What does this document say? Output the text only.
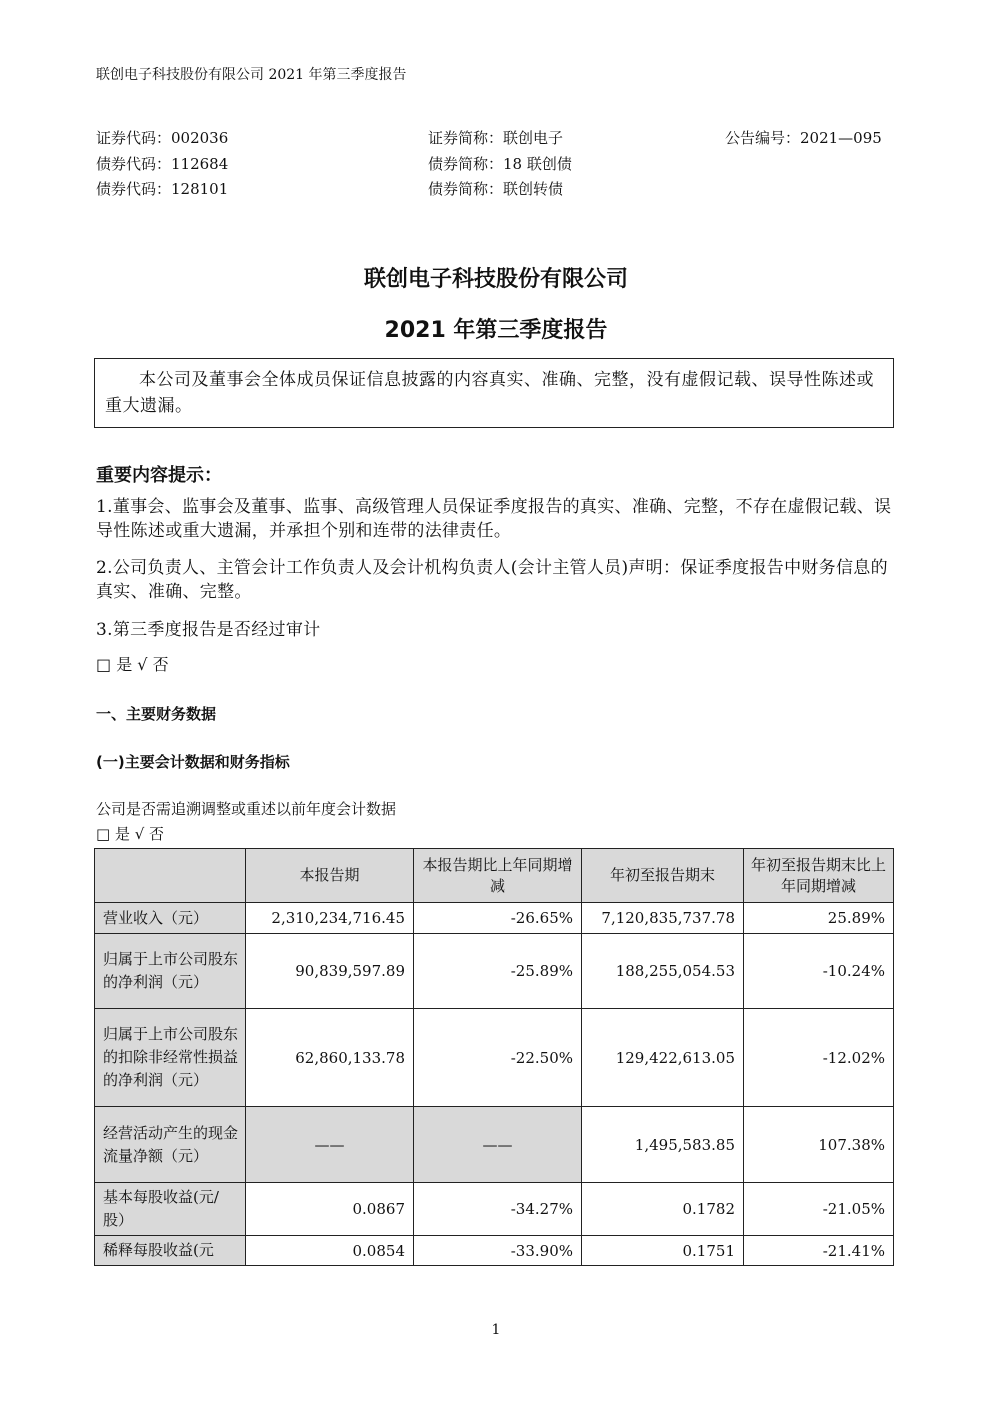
联创电子科技股份有限公司 2021 年第三季度报告
证券代码：002036	证券简称：联创电子	公告编号：2021—095
债券代码：112684	债券简称：18 联创债
债券代码：128101	债券简称：联创转债
联创电子科技股份有限公司
2021 年第三季度报告
本公司及董事会全体成员保证信息披露的内容真实、准确、完整，没有虚假记载、误导性陈述或重大遗漏。
重要内容提示：
1.董事会、监事会及董事、监事、高级管理人员保证季度报告的真实、准确、完整，不存在虚假记载、误导性陈述或重大遗漏，并承担个别和连带的法律责任。
2.公司负责人、主管会计工作负责人及会计机构负责人(会计主管人员)声明：保证季度报告中财务信息的真实、准确、完整。
3.第三季度报告是否经过审计
□ 是 √ 否
一、主要财务数据
(一)主要会计数据和财务指标
公司是否需追溯调整或重述以前年度会计数据
□ 是 √ 否
	本报告期	本报告期比上年同期增减	年初至报告期末	年初至报告期末比上年同期增减
营业收入（元）	2,310,234,716.45	-26.65%	7,120,835,737.78	25.89%
归属于上市公司股东的净利润（元）	90,839,597.89	-25.89%	188,255,054.53	-10.24%
归属于上市公司股东的扣除非经常性损益的净利润（元）	62,860,133.78	-22.50%	129,422,613.05	-12.02%
经营活动产生的现金流量净额（元）	——	——	1,495,583.85	107.38%
基本每股收益(元/股）	0.0867	-34.27%	0.1782	-21.05%
稀释每股收益(元	0.0854	-33.90%	0.1751	-21.41%
1
